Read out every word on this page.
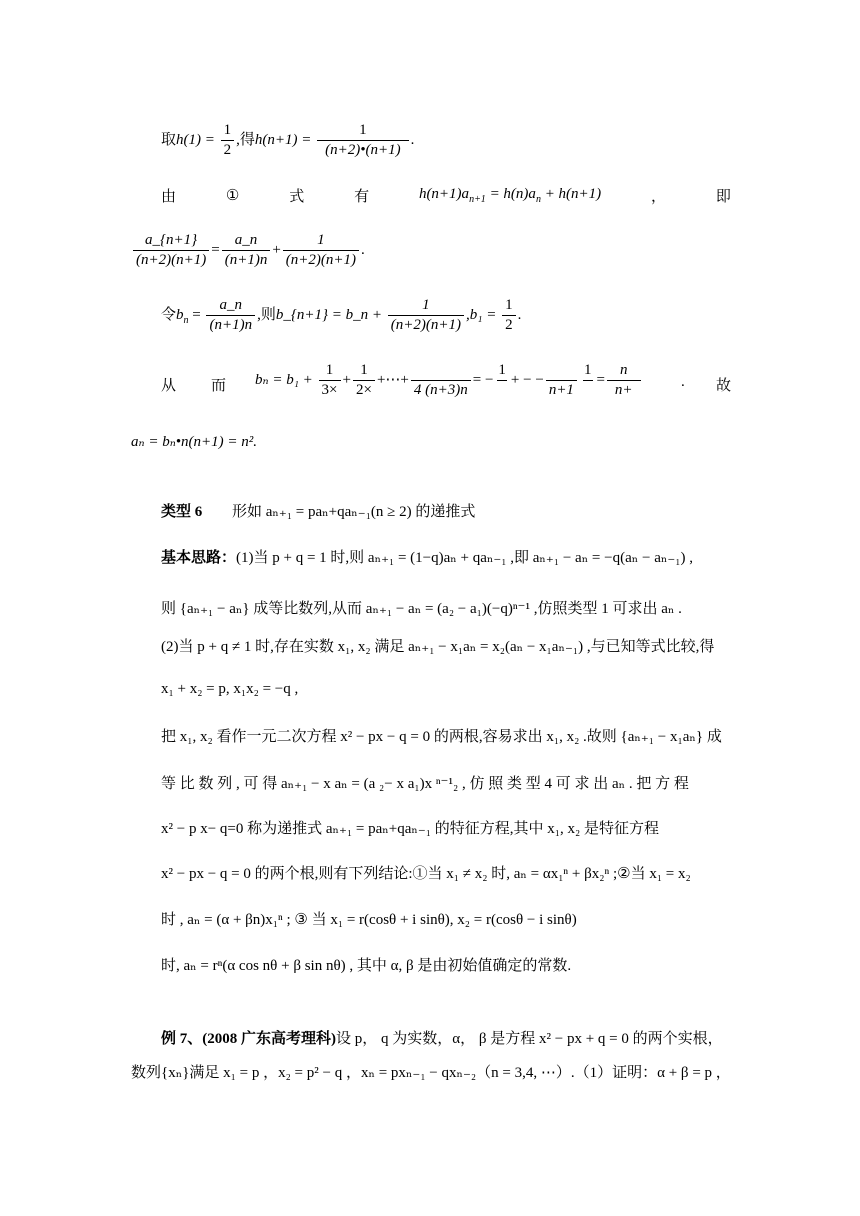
取$h(1) = \frac{1}{2}$ ,得$h(n+1) = \frac{1}{(n+2)•(n+1)}$ .
由	①	式	有	$h(n+1)a_{n+1} = h(n)a_n + h(n+1)$	，	即
$\frac{a\_\{n+1\}}{(n+2)(n+1)} = \frac{a\_n}{(n+1)n} + \frac{1}{(n+2)(n+1)}$ .
令$b_n = \frac{a\_n}{(n+1)n}$ ,则b_{n+1} = b_n + $\frac{1}{(n+2)(n+1)} ,b_1 = \frac{1}{2}$ .
从 而 $b_n = b_1 + \frac{1}{3\times} + \frac{1}{2\times}$ +⋯+

4 (n+3)n
= −
1

+ − −

n+1
1

= $\frac{n}{n+}$	. 故
aₙ = bₙ•n(n+1) = n².
类型 6 形如 aₙ₊₁ = paₙ+qaₙ₋₁(n ≥ 2) 的递推式
基本思路：(1)当 p + q = 1 时,则 aₙ₊₁ = (1−q)aₙ + qaₙ₋₁ ,即 aₙ₊₁ − aₙ = −q(aₙ − aₙ₋₁) ,
则 {aₙ₊₁ − aₙ} 成等比数列,从而 aₙ₊₁ − aₙ = (a₂ − a₁)(−q)ⁿ⁻¹ ,仿照类型 1 可求出 aₙ .
(2)当 p + q ≠ 1 时,存在实数 x₁, x₂ 满足 aₙ₊₁ − x₁aₙ = x₂(aₙ − x₁aₙ₋₁) ,与已知等式比较,得
x₁ + x₂ = p, x₁x₂ = −q ,
把 x₁, x₂ 看作一元二次方程 x² − px − q = 0 的两根,容易求出 x₁, x₂ .故则 {aₙ₊₁ − x₁aₙ} 成
等 比 数 列 , 可 得 aₙ₊₁ − x aₙ = (a ₂− x a₁)x ⁿ⁻¹₂ , 仿 照 类 型 4 可 求 出 aₙ . 把 方 程
x² − p x− q=0 称为递推式 aₙ₊₁ = paₙ+qaₙ₋₁ 的特征方程,其中 x₁, x₂ 是特征方程
x² − px − q = 0 的两个根,则有下列结论:①当 x₁ ≠ x₂ 时, aₙ = αx₁ⁿ + βx₂ⁿ ;②当 x₁ = x₂
时 , aₙ = (α + βn)x₁ⁿ ; ③ 当 x₁ = r(cosθ + i sinθ), x₂ = r(cosθ − i sinθ)
时, aₙ = rⁿ(α cos nθ + β sin nθ) , 其中 α, β 是由初始值确定的常数.
例 7、(2008 广东高考理科)设 p， q 为实数，α， β 是方程 x² − px + q = 0 的两个实根，
数列{xₙ}满足 x₁ = p ，x₂ = p² − q ，xₙ = pxₙ₋₁ − qxₙ₋₂（n = 3,4, ⋯）.（1）证明：α + β = p ，
